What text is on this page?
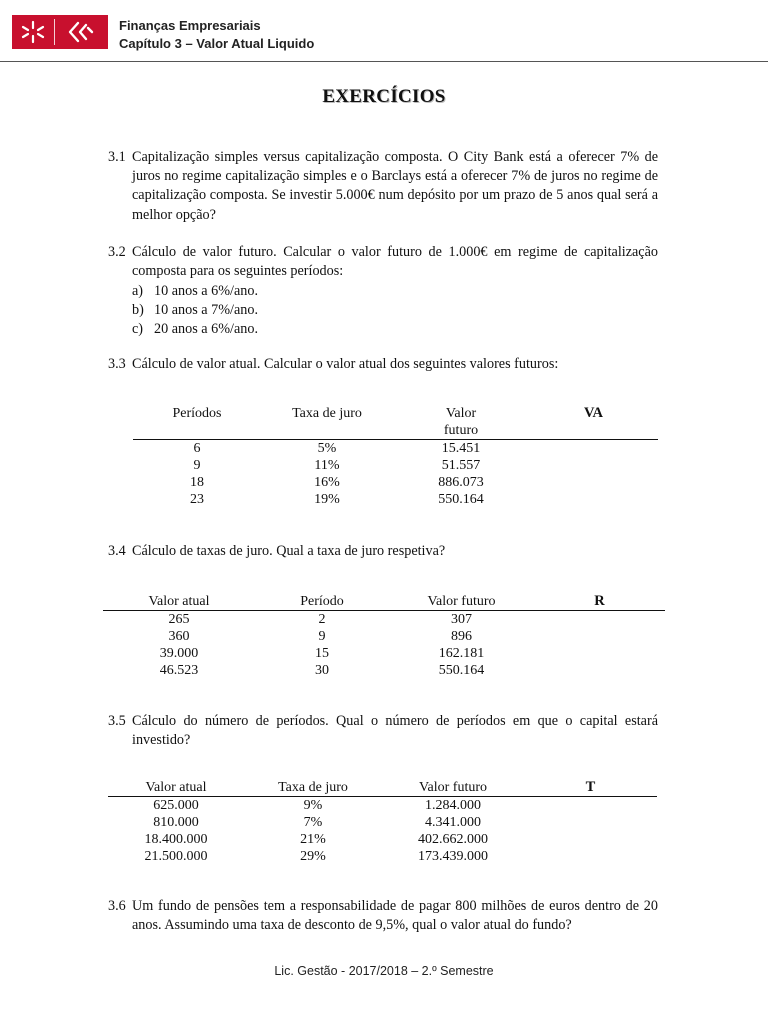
Finanças Empresariais
Capítulo 3 – Valor Atual Liquido
EXERCÍCIOS
3.1 Capitalização simples versus capitalização composta. O City Bank está a oferecer 7% de juros no regime capitalização simples e o Barclays está a oferecer 7% de juros no regime de capitalização composta. Se investir 5.000€ num depósito por um prazo de 5 anos qual será a melhor opção?
3.2 Cálculo de valor futuro. Calcular o valor futuro de 1.000€ em regime de capitalização composta para os seguintes períodos:
a) 10 anos a 6%/ano.
b) 10 anos a 7%/ano.
c) 20 anos a 6%/ano.
3.3 Cálculo de valor atual. Calcular o valor atual dos seguintes valores futuros:
Períodos	Taxa de juro	Valor futuro	VA
6	5%	15.451	
9	11%	51.557	
18	16%	886.073	
23	19%	550.164	
3.4 Cálculo de taxas de juro. Qual a taxa de juro respetiva?
Valor atual	Período	Valor futuro	R
265	2	307	
360	9	896	
39.000	15	162.181	
46.523	30	550.164	
3.5 Cálculo do número de períodos. Qual o número de períodos em que o capital estará investido?
Valor atual	Taxa de juro	Valor futuro	T
625.000	9%	1.284.000	
810.000	7%	4.341.000	
18.400.000	21%	402.662.000	
21.500.000	29%	173.439.000	
3.6 Um fundo de pensões tem a responsabilidade de pagar 800 milhões de euros dentro de 20 anos. Assumindo uma taxa de desconto de 9,5%, qual o valor atual do fundo?
Lic. Gestão - 2017/2018 – 2.º Semestre
